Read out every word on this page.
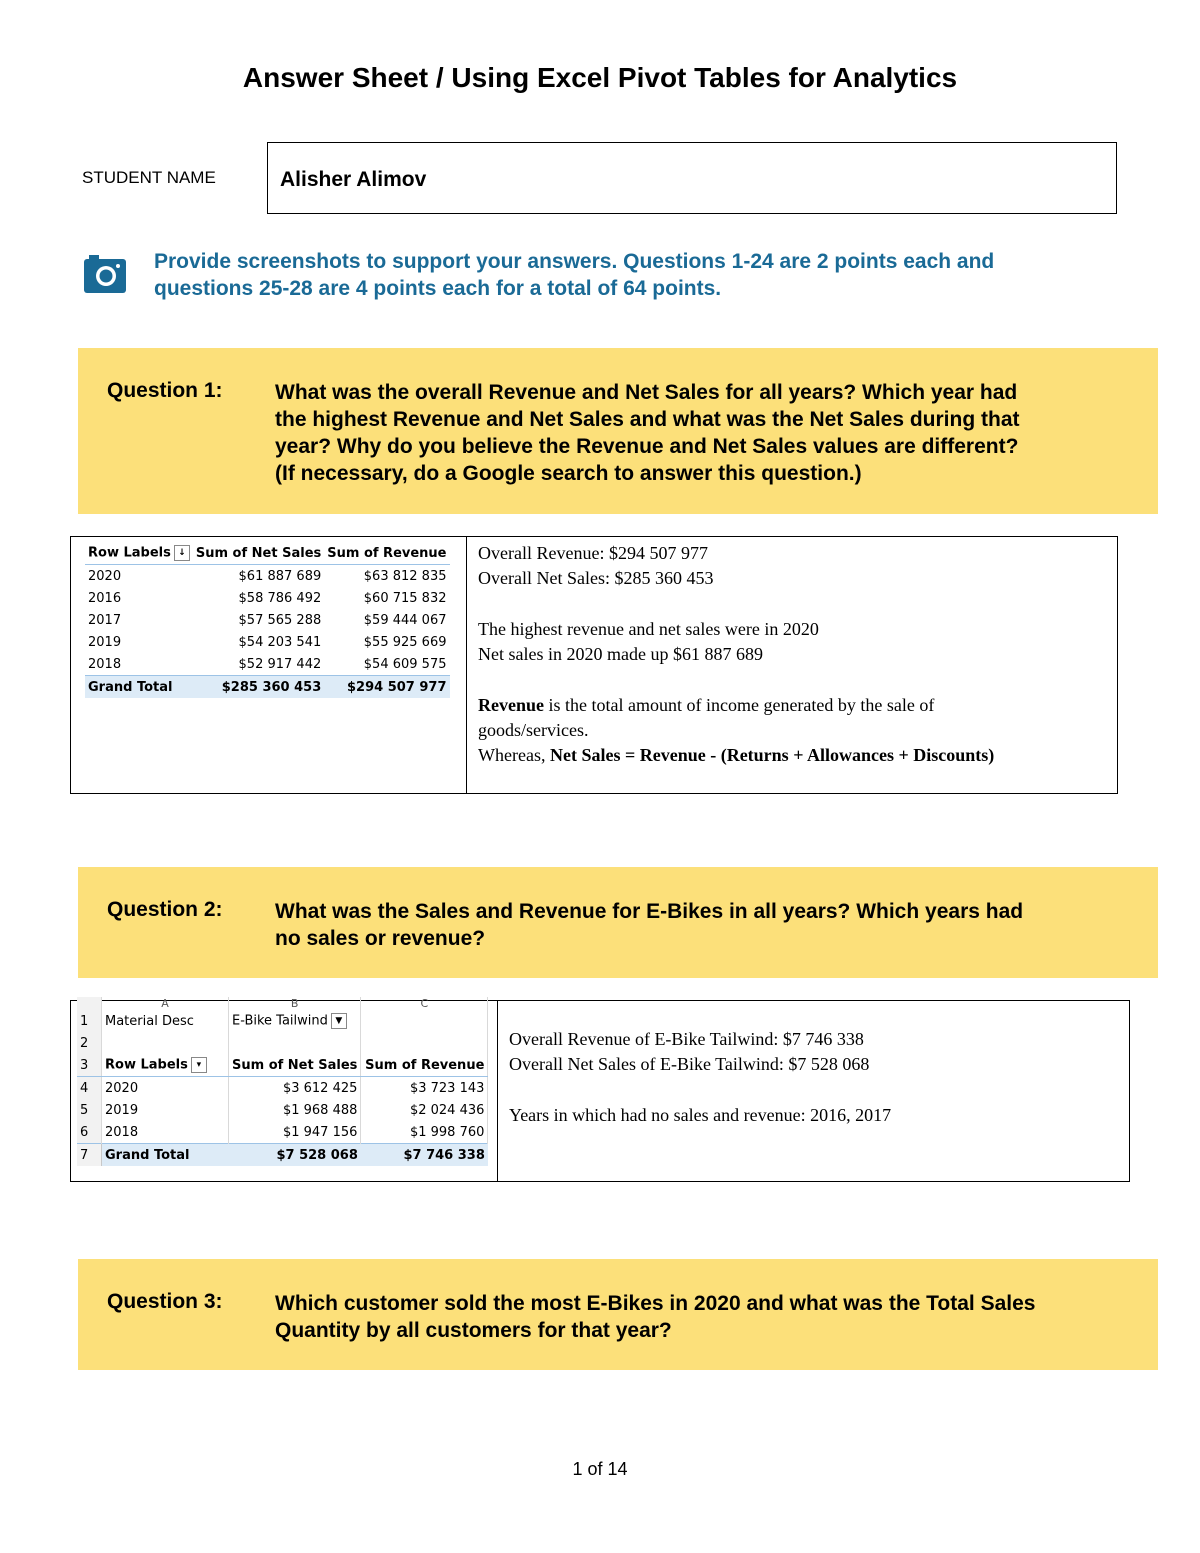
Answer Sheet / Using Excel Pivot Tables for Analytics
STUDENT NAME	Alisher Alimov
Provide screenshots to support your answers. Questions 1-24 are 2 points each and
questions 25-28 are 4 points each for a total of 64 points.
Question 1: What was the overall Revenue and Net Sales for all years? Which year had
the highest Revenue and Net Sales and what was the Net Sales during that
year? Why do you believe the Revenue and Net Sales values are different?
(If necessary, do a Google search to answer this question.)
Row Labels ↓	Sum of Net Sales	Sum of Revenue
2020	$61 887 689	$63 812 835
2016	$58 786 492	$60 715 832
2017	$57 565 288	$59 444 067
2019	$54 203 541	$55 925 669
2018	$52 917 442	$54 609 575
Grand Total	$285 360 453	$294 507 977
Overall Revenue: $294 507 977
Overall Net Sales: $285 360 453
The highest revenue and net sales were in 2020
Net sales in 2020 made up $61 887 689
Revenue is the total amount of income generated by the sale of
goods/services.
Whereas, Net Sales = Revenue - (Returns + Allowances + Discounts)
Question 2: What was the Sales and Revenue for E-Bikes in all years? Which years had
no sales or revenue?
	A	B	C
1	Material Desc	E-Bike Tailwind ▼	
2			
3	Row Labels ▾	Sum of Net Sales	Sum of Revenue
4	2020	$3 612 425	$3 723 143
5	2019	$1 968 488	$2 024 436
6	2018	$1 947 156	$1 998 760
7	Grand Total	$7 528 068	$7 746 338
Overall Revenue of E-Bike Tailwind: $7 746 338
Overall Net Sales of E-Bike Tailwind: $7 528 068
Years in which had no sales and revenue: 2016, 2017
Question 3: Which customer sold the most E-Bikes in 2020 and what was the Total Sales
Quantity by all customers for that year?
1 of 14
